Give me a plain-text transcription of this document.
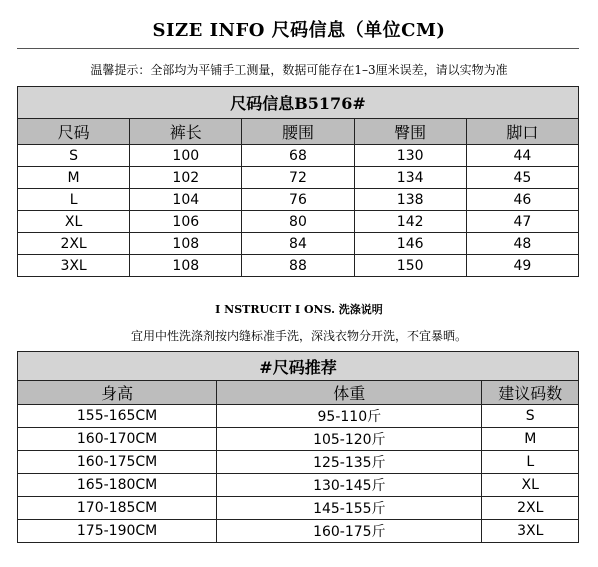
SIZE INFO 尺码信息（单位CM)
温馨提示：全部均为平铺手工测量，数据可能存在1–3厘米误差，请以实物为准
尺码信息B5176#				
尺码	裤长	腰围	臀围	脚口
S	100	68	130	44
M	102	72	134	45
L	104	76	138	46
XL	106	80	142	47
2XL	108	84	146	48
3XL	108	88	150	49
I NSTRUCIT I ONS. 洗涤说明
宜用中性洗涤剂按内缝标准手洗，深浅衣物分开洗，不宜暴晒。
#尺码推荐		
身高	体重	建议码数
155-165CM	95-110斤	S
160-170CM	105-120斤	M
160-175CM	125-135斤	L
165-180CM	130-145斤	XL
170-185CM	145-155斤	2XL
175-190CM	160-175斤	3XL
